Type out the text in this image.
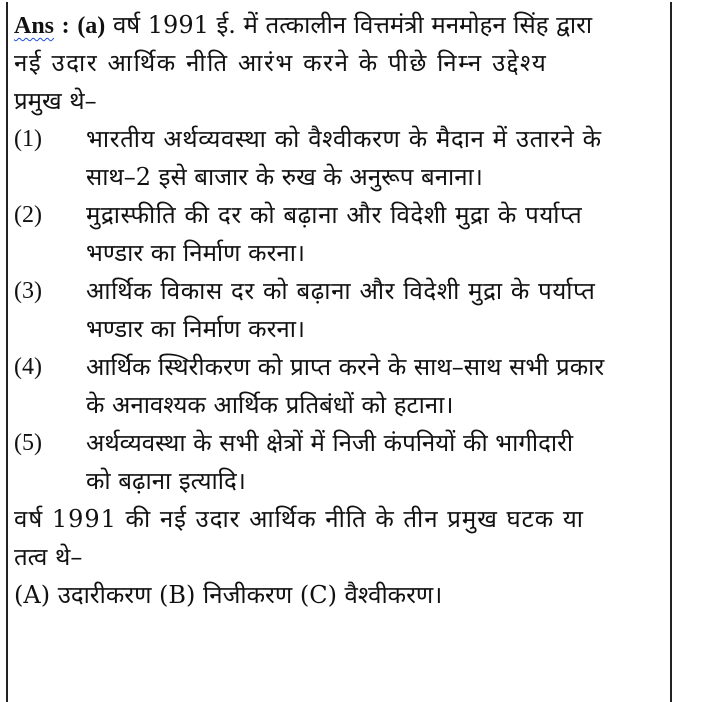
Ans : (a) वर्ष 1991 ई. में तत्कालीन वित्तमंत्री मनमोहन सिंह द्वारा
नई उदार आर्थिक नीति आरंभ करने के पीछे निम्न उद्देश्य
प्रमुख थे–
(1)	भारतीय अर्थव्यवस्था को वैश्वीकरण के मैदान में उतारने के
साथ–2 इसे बाजार के रुख के अनुरूप बनाना।
(2)	मुद्रास्फीति की दर को बढ़ाना और विदेशी मुद्रा के पर्याप्त
भण्डार का निर्माण करना।
(3)	आर्थिक विकास दर को बढ़ाना और विदेशी मुद्रा के पर्याप्त
भण्डार का निर्माण करना।
(4)	आर्थिक स्थिरीकरण को प्राप्त करने के साथ–साथ सभी प्रकार
के अनावश्यक आर्थिक प्रतिबंधों को हटाना।
(5)	अर्थव्यवस्था के सभी क्षेत्रों में निजी कंपनियों की भागीदारी
को बढ़ाना इत्यादि।
वर्ष 1991 की नई उदार आर्थिक नीति के तीन प्रमुख घटक या
तत्व थे–
(A) उदारीकरण (B) निजीकरण (C) वैश्वीकरण।
